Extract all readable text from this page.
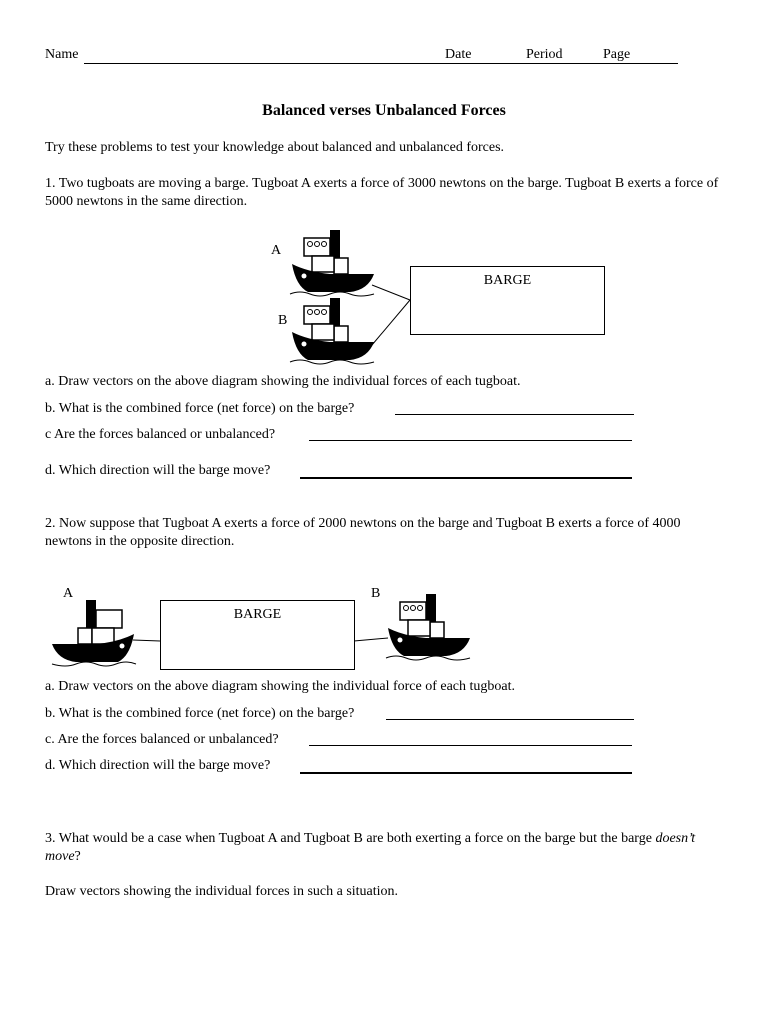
Name	Date	Period	Page
Balanced verses Unbalanced Forces
Try these problems to test your knowledge about balanced and unbalanced forces.
1. Two tugboats are moving a barge. Tugboat A exerts a force of 3000 newtons on the barge. Tugboat B exerts a force of 5000 newtons in the same direction.
A
B
BARGE
a. Draw vectors on the above diagram showing the individual forces of each tugboat.
b. What is the combined force (net force) on the barge?
c Are the forces balanced or unbalanced?
d. Which direction will the barge move?
2. Now suppose that Tugboat A exerts a force of 2000 newtons on the barge and Tugboat B exerts a force of 4000 newtons in the opposite direction.
A	B
BARGE
a. Draw vectors on the above diagram showing the individual force of each tugboat.
b. What is the combined force (net force) on the barge?
c. Are the forces balanced or unbalanced?
d. Which direction will the barge move?
3. What would be a case when Tugboat A and Tugboat B are both exerting a force on the barge but the barge doesn’t move?
Draw vectors showing the individual forces in such a situation.
